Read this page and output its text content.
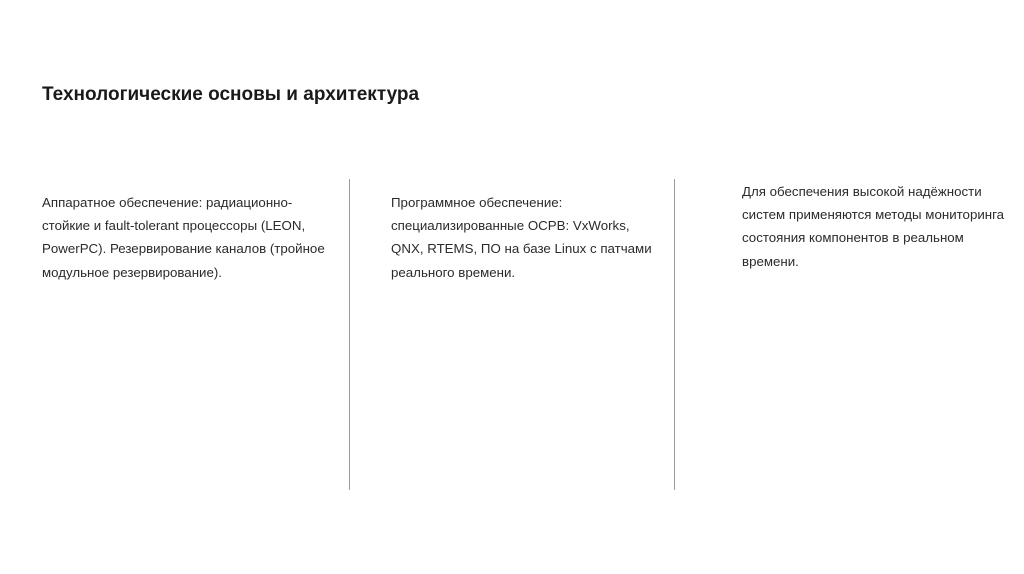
Технологические основы и архитектура

Аппаратное обеспечение: радиационно-стойкие и fault-tolerant процессоры (LEON, PowerPC). Резервирование каналов (тройное модульное резервирование).

Программное обеспечение: специализированные ОСРВ: VxWorks, QNX, RTEMS, ПО на базе Linux с патчами реального времени.

Для обеспечения высокой надёжности систем применяются методы мониторинга состояния компонентов в реальном времени.
